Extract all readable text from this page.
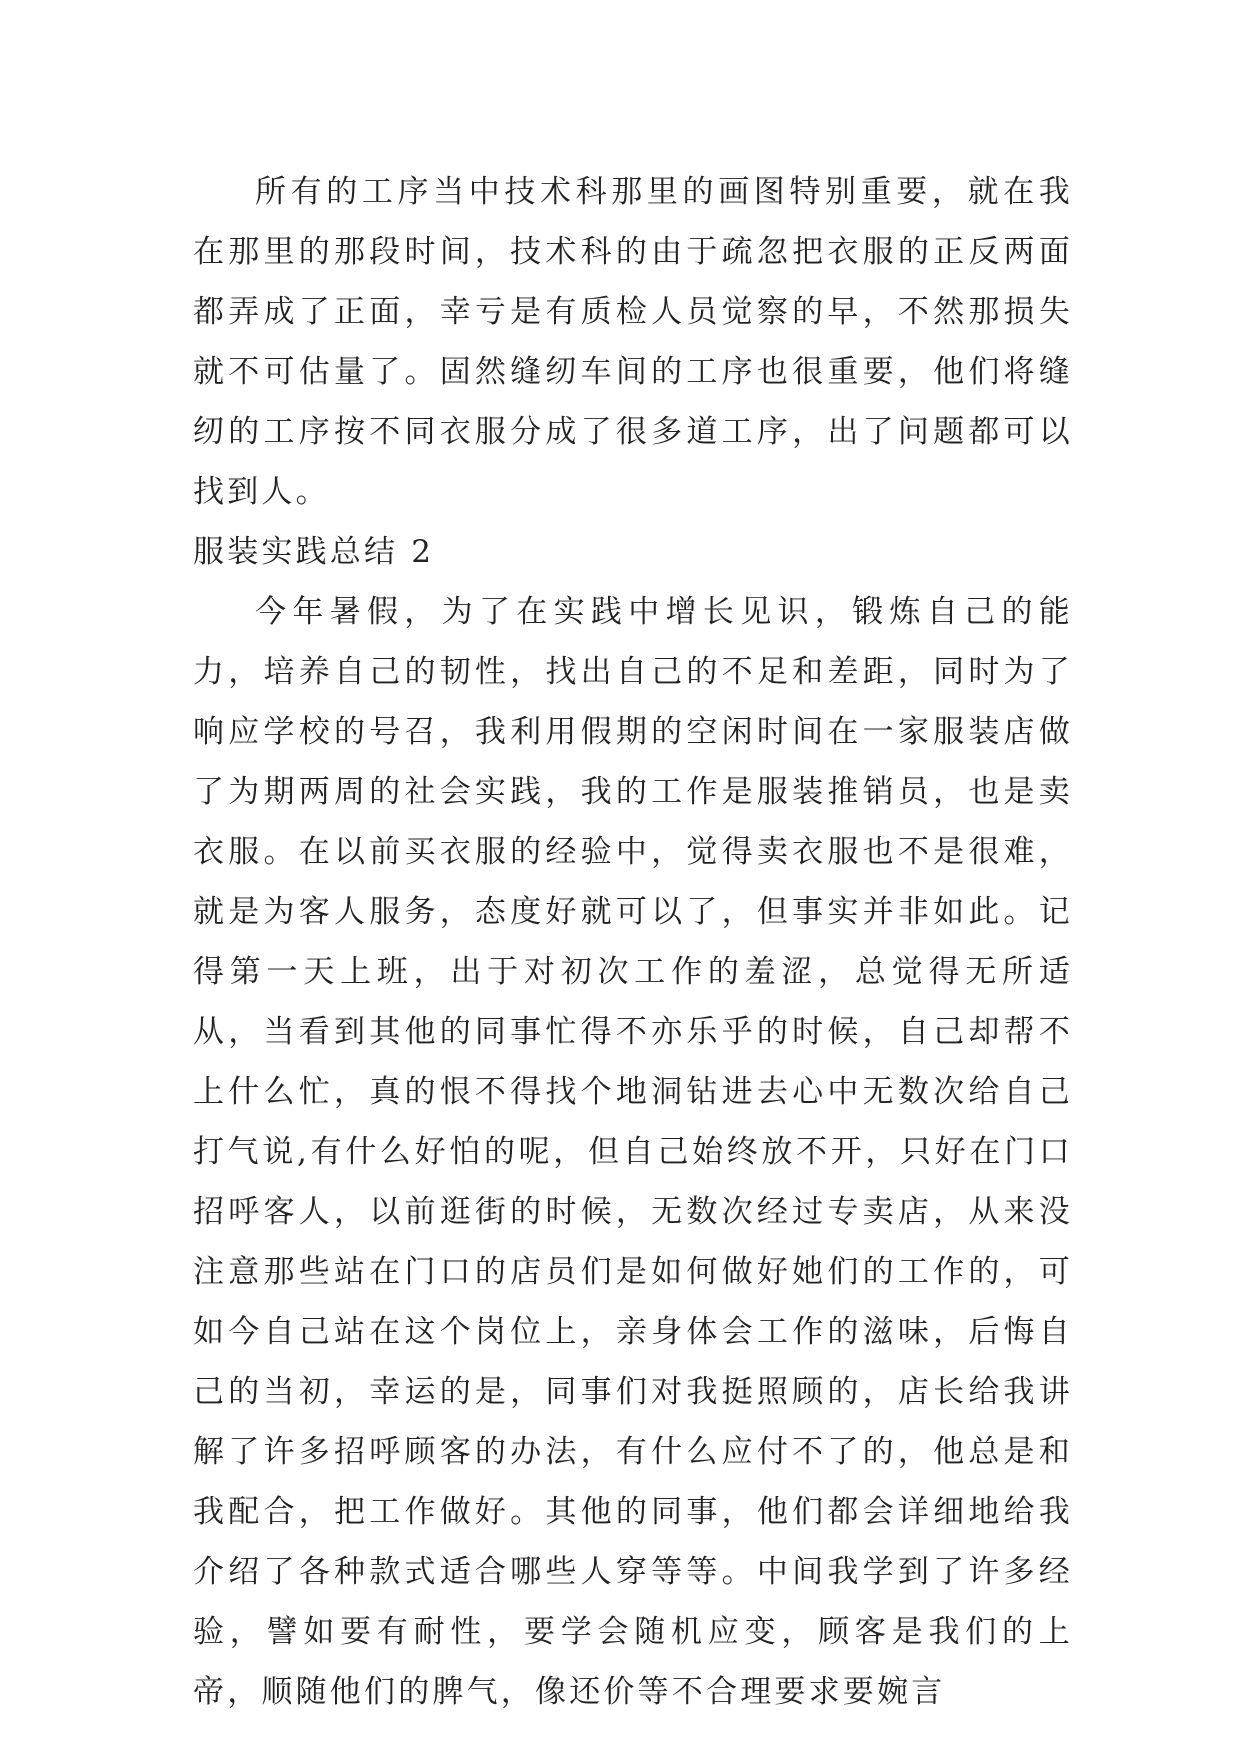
所有的工序当中技术科那里的画图特别重要，就在我在那里的那段时间，技术科的由于疏忽把衣服的正反两面都弄成了正面，幸亏是有质检人员觉察的早，不然那损失就不可估量了。固然缝纫车间的工序也很重要，他们将缝纫的工序按不同衣服分成了很多道工序，出了问题都可以找到人。

服装实践总结 2

今年暑假，为了在实践中增长见识，锻炼自己的能力，培养自己的韧性，找出自己的不足和差距，同时为了响应学校的号召，我利用假期的空闲时间在一家服装店做了为期两周的社会实践，我的工作是服装推销员，也是卖衣服。在以前买衣服的经验中，觉得卖衣服也不是很难，就是为客人服务，态度好就可以了，但事实并非如此。记得第一天上班，出于对初次工作的羞涩，总觉得无所适从，当看到其他的同事忙得不亦乐乎的时候，自己却帮不上什么忙，真的恨不得找个地洞钻进去心中无数次给自己打气说,有什么好怕的呢，但自己始终放不开，只好在门口招呼客人，以前逛街的时候，无数次经过专卖店，从来没注意那些站在门口的店员们是如何做好她们的工作的，可如今自己站在这个岗位上，亲身体会工作的滋味，后悔自己的当初，幸运的是，同事们对我挺照顾的，店长给我讲解了许多招呼顾客的办法，有什么应付不了的，他总是和我配合，把工作做好。其他的同事，他们都会详细地给我介绍了各种款式适合哪些人穿等等。中间我学到了许多经验，譬如要有耐性，要学会随机应变，顾客是我们的上帝，顺随他们的脾气，像还价等不合理要求要婉言
